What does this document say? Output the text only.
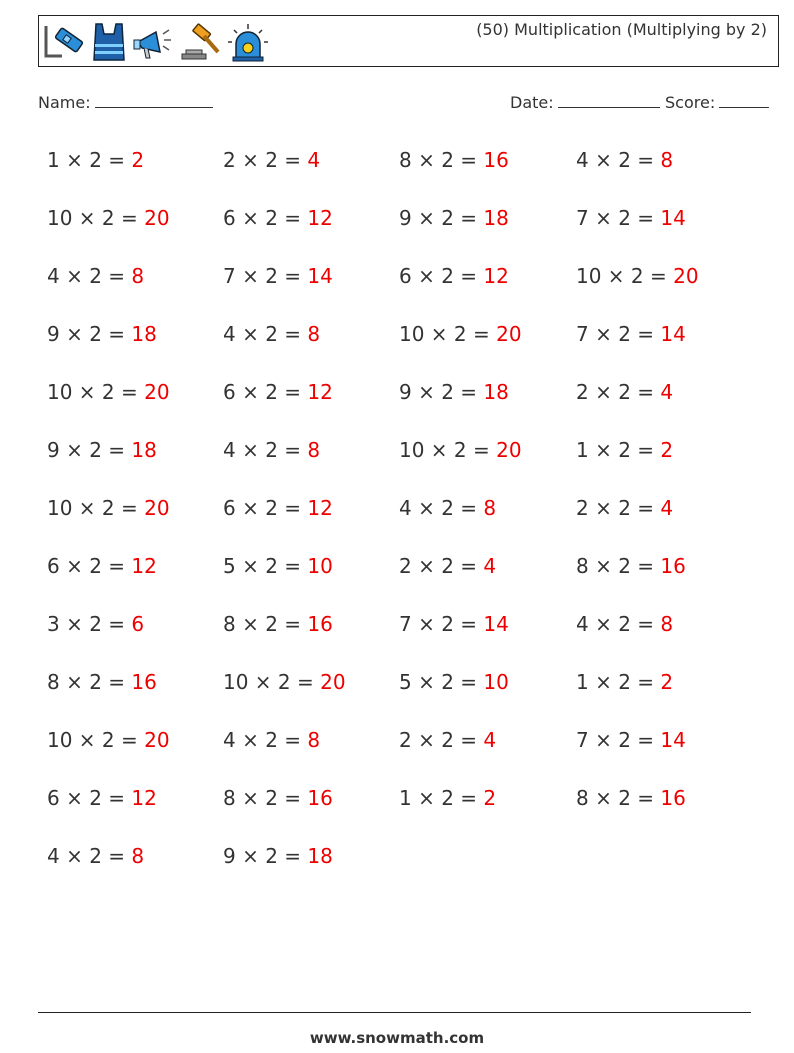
(50) Multiplication (Multiplying by 2)
Name:	Date:	Score:
1 × 2 = 2
10 × 2 = 20
4 × 2 = 8
9 × 2 = 18
10 × 2 = 20
9 × 2 = 18
10 × 2 = 20
6 × 2 = 12
3 × 2 = 6
8 × 2 = 16
10 × 2 = 20
6 × 2 = 12
4 × 2 = 8
2 × 2 = 4
6 × 2 = 12
7 × 2 = 14
4 × 2 = 8
6 × 2 = 12
4 × 2 = 8
6 × 2 = 12
5 × 2 = 10
8 × 2 = 16
10 × 2 = 20
4 × 2 = 8
8 × 2 = 16
9 × 2 = 18
8 × 2 = 16
9 × 2 = 18
6 × 2 = 12
10 × 2 = 20
9 × 2 = 18
10 × 2 = 20
4 × 2 = 8
2 × 2 = 4
7 × 2 = 14
5 × 2 = 10
2 × 2 = 4
1 × 2 = 2
4 × 2 = 8
7 × 2 = 14
10 × 2 = 20
7 × 2 = 14
2 × 2 = 4
1 × 2 = 2
2 × 2 = 4
8 × 2 = 16
4 × 2 = 8
1 × 2 = 2
7 × 2 = 14
8 × 2 = 16
www.snowmath.com
